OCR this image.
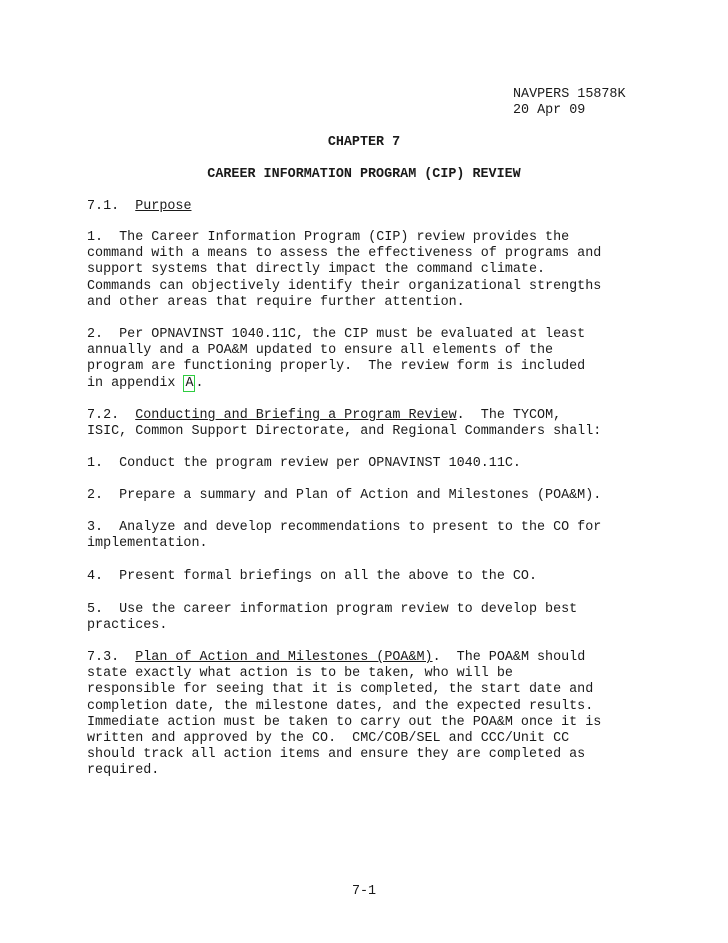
NAVPERS 15878K
20 Apr 09
CHAPTER 7
CAREER INFORMATION PROGRAM (CIP) REVIEW
7.1. Purpose
1.  The Career Information Program (CIP) review provides the
command with a means to assess the effectiveness of programs and
support systems that directly impact the command climate.
Commands can objectively identify their organizational strengths
and other areas that require further attention.
2.  Per OPNAVINST 1040.11C, the CIP must be evaluated at least
annually and a POA&M updated to ensure all elements of the
program are functioning properly.  The review form is included
in appendix A .
7.2. Conducting and Briefing a Program Review.  The TYCOM,
ISIC, Common Support Directorate, and Regional Commanders shall:
1.  Conduct the program review per OPNAVINST 1040.11C.
2.  Prepare a summary and Plan of Action and Milestones (POA&M).
3.  Analyze and develop recommendations to present to the CO for
implementation.
4.  Present formal briefings on all the above to the CO.
5.  Use the career information program review to develop best
practices.
7.3. Plan of Action and Milestones (POA&M).  The POA&M should
state exactly what action is to be taken, who will be
responsible for seeing that it is completed, the start date and
completion date, the milestone dates, and the expected results.
Immediate action must be taken to carry out the POA&M once it is
written and approved by the CO.  CMC/COB/SEL and CCC/Unit CC
should track all action items and ensure they are completed as
required.
7-1
